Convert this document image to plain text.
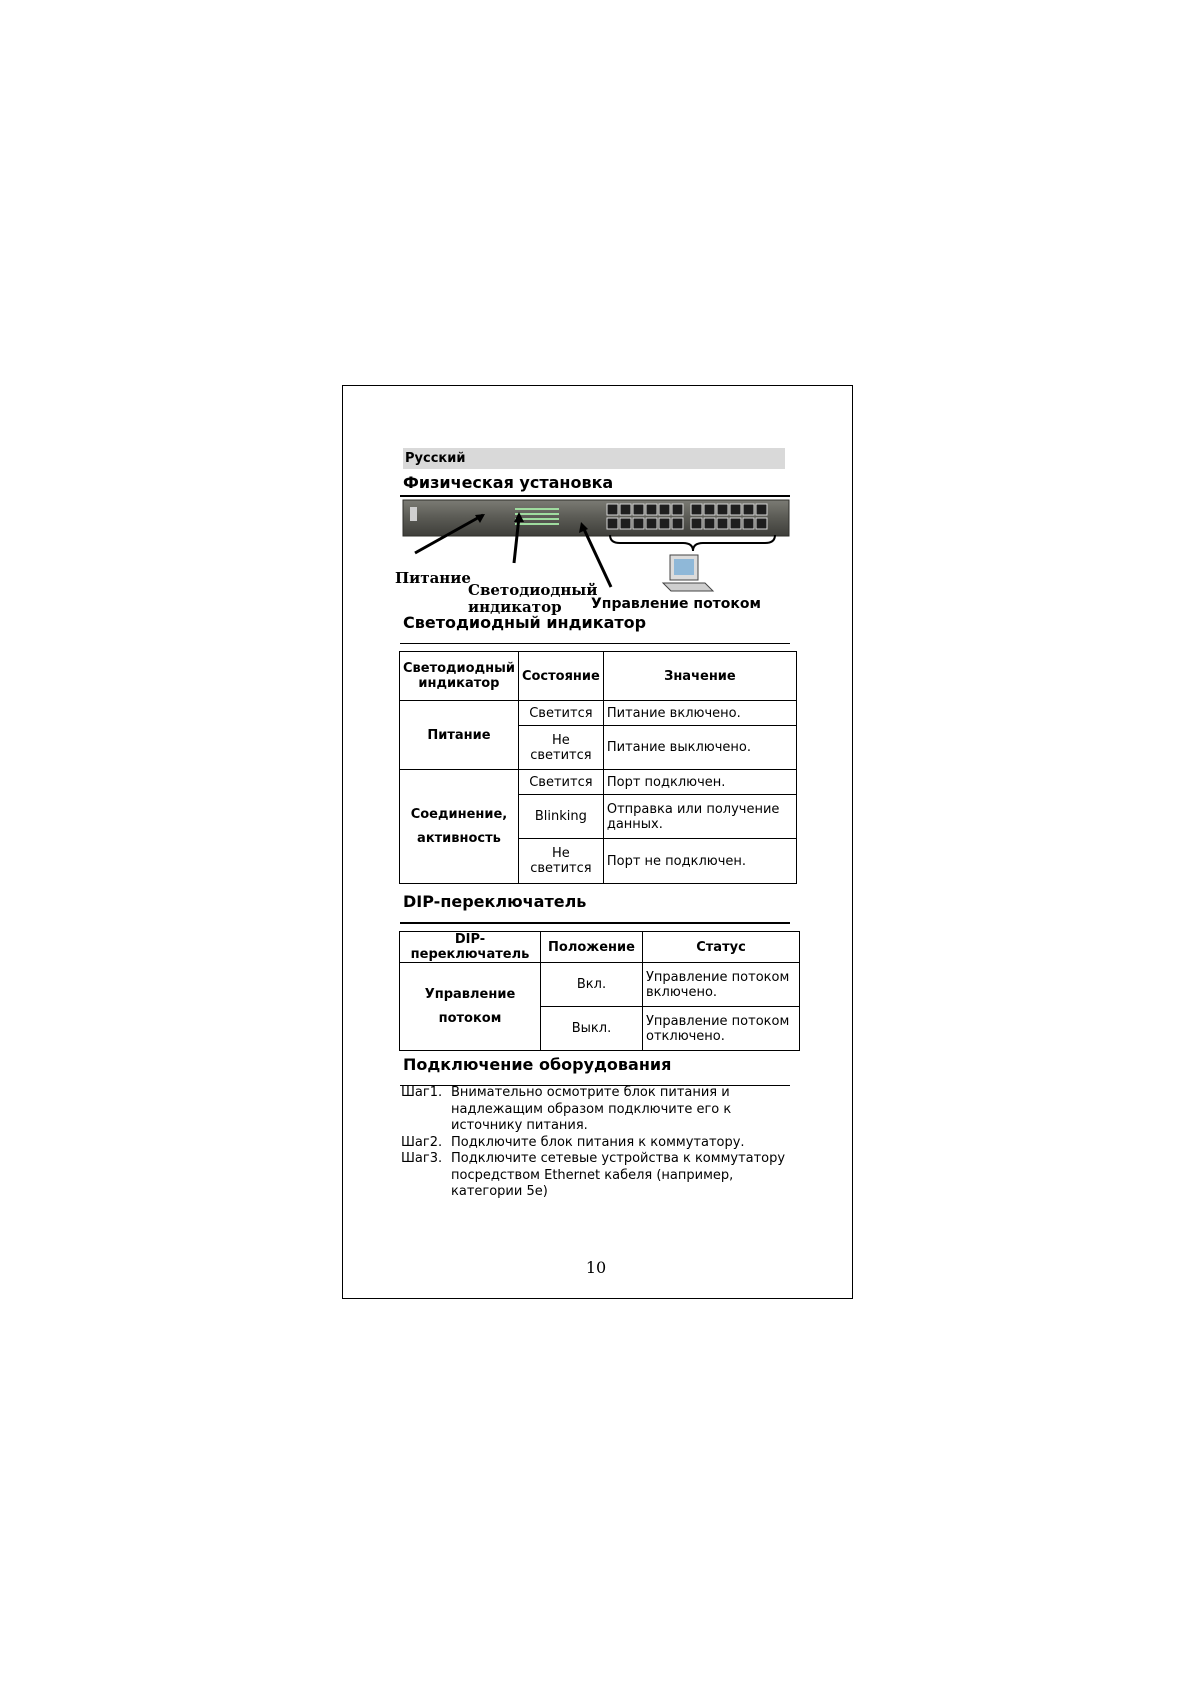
Русский
Физическая установка
Питание
Светодиодный
индикатор Управление потоком
Светодиодный индикатор
Светодиодный индикатор	Состояние	Значение
Питание	Светится	Питание включено.
	Не светится	Питание выключено.
Соединение, активность	Светится	Порт подключен.
	Blinking	Отправка или получение данных.
	Не светится	Порт не подключен.
DIP-переключатель
DIP-переключатель	Положение	Статус
Управление потоком	Вкл.	Управление потоком включено.
	Выкл.	Управление потоком отключено.
Подключение оборудования
Шаг1. Внимательно осмотрите блок питания и надлежащим образом подключите его к источнику питания.
Шаг2. Подключите блок питания к коммутатору.
Шаг3. Подключите сетевые устройства к коммутатору посредством Ethernet кабеля (например, категории 5е)
10
